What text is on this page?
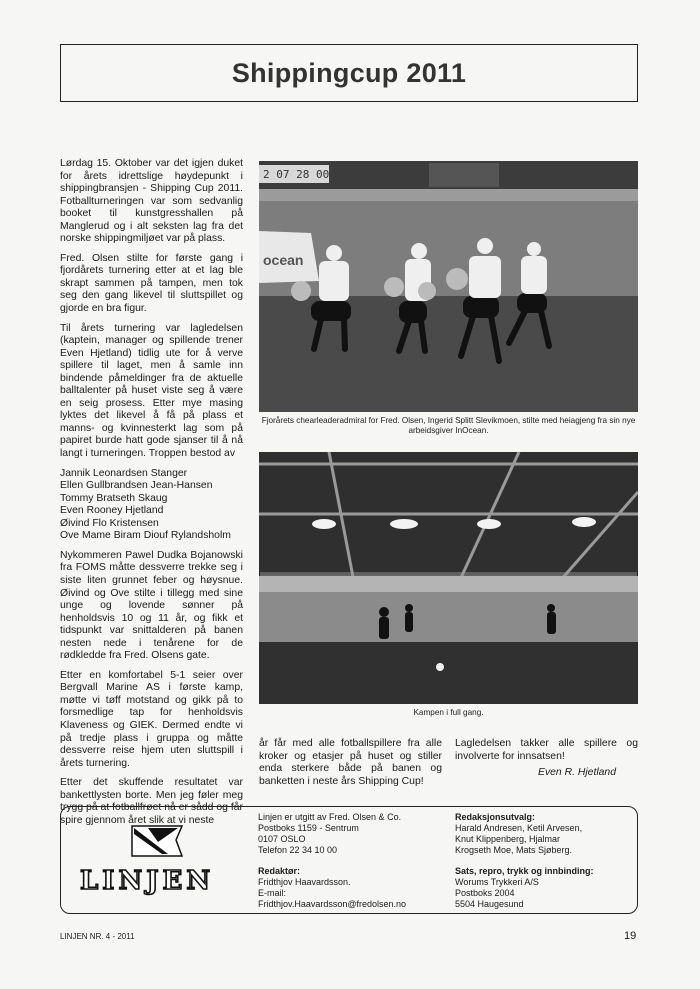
Shippingcup 2011

Lørdag 15. Oktober var det igjen duket for årets idrettslige høydepunkt i shippingbransjen - Shipping Cup 2011. Fotballturneringen var som sedvanlig booket til kunstgresshallen på Manglerud og i alt seksten lag fra det norske shippingmiljøet var på plass.

Fred. Olsen stilte for første gang i fjordårets turnering etter at et lag ble skrapt sammen på tampen, men tok seg den gang likevel til sluttspillet og gjorde en bra figur.

Til årets turnering var lagledelsen (kaptein, manager og spillende trener Even Hjetland) tidlig ute for å verve spillere til laget, men å samle inn bindende påmeldinger fra de aktuelle balltalenter på huset viste seg å være en seig prosess. Etter mye masing lyktes det likevel å få på plass et manns- og kvinnesterkt lag som på papiret burde hatt gode sjanser til å nå langt i turneringen. Troppen bestod av

Jannik Leonardsen Stanger
Ellen Gullbrandsen Jean-Hansen
Tommy Bratseth Skaug
Even Rooney Hjetland
Øivind Flo Kristensen
Ove Mame Biram Diouf Rylandsholm

Nykommeren Pawel Dudka Bojanowski fra FOMS måtte dessverre trekke seg i siste liten grunnet feber og høysnue. Øivind og Ove stilte i tillegg med sine unge og lovende sønner på henholdsvis 10 og 11 år, og fikk et tidspunkt var snittalderen på banen nesten nede i tenårene for de rødkledde fra Fred. Olsens gate.

Etter en komfortabel 5-1 seier over Bergvall Marine AS i første kamp, møtte vi tøff motstand og gikk på to forsmedlige tap for henholdsvis Klaveness og GIEK. Dermed endte vi på tredje plass i gruppa og måtte dessverre reise hjem uten sluttspill i årets turnering.

Etter det skuffende resultatet var bankettlysten borte. Men jeg føler meg trygg på at fotballfrøet nå er sådd og får spire gjennom året slik at vi neste

2 07 28 00
ocean
Fjorårets chearleaderadmiral for Fred. Olsen, Ingerid Splitt Slevikmoen, stilte med heiagjeng fra sin nye arbeidsgiver InOcean.
Kampen i full gang.
år får med alle fotballspillere fra alle kroker og etasjer på huset og stiller enda sterkere både på banen og banketten i neste års Shipping Cup!
Lagledelsen takker alle spillere og involverte for innsatsen!
Even R. Hjetland
LINJEN
Linjen er utgitt av Fred. Olsen & Co.
Postboks 1159 - Sentrum
0107 OSLO
Telefon 22 34 10 00
Redaktør:
Fridthjov Haavardsson.
E-mail:
Fridthjov.Haavardsson@fredolsen.no
Redaksjonsutvalg:
Harald Andresen, Ketil Arvesen,
Knut Klippenberg, Hjalmar
Krogseth Moe, Mats Sjøberg.
Sats, repro, trykk og innbinding:
Worums Trykkeri A/S
Postboks 2004
5504 Haugesund
LINJEN NR. 4 - 2011	19
